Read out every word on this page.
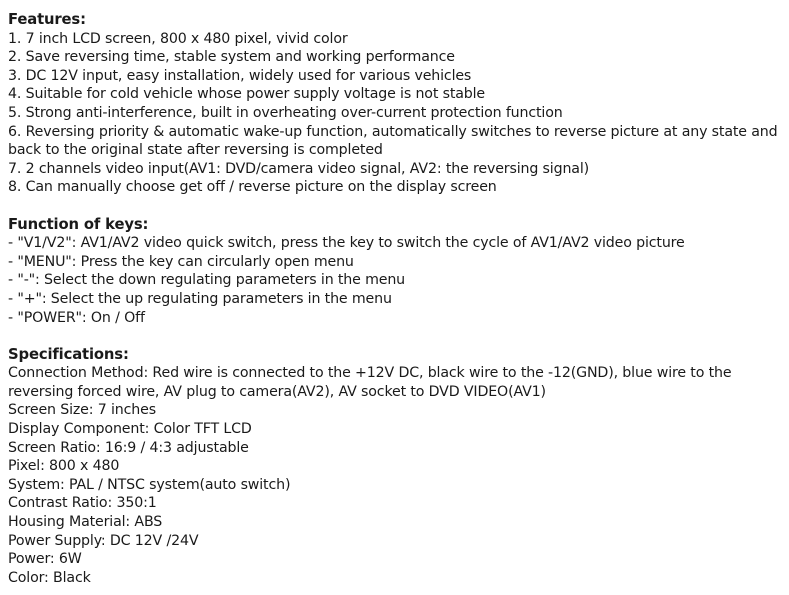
Features:
1. 7 inch LCD screen, 800 x 480 pixel, vivid color
2. Save reversing time, stable system and working performance
3. DC 12V input, easy installation, widely used for various vehicles
4. Suitable for cold vehicle whose power supply voltage is not stable
5. Strong anti-interference, built in overheating over-current protection function
6. Reversing priority & automatic wake-up function, automatically switches to reverse picture at any state and back to the original state after reversing is completed
7. 2 channels video input(AV1: DVD/camera video signal, AV2: the reversing signal)
8. Can manually choose get off / reverse picture on the display screen
Function of keys:
- "V1/V2": AV1/AV2 video quick switch, press the key to switch the cycle of AV1/AV2 video picture
- "MENU": Press the key can circularly open menu
- "-": Select the down regulating parameters in the menu
- "+": Select the up regulating parameters in the menu
- "POWER": On / Off
Specifications:
Connection Method: Red wire is connected to the +12V DC, black wire to the -12(GND), blue wire to the reversing forced wire, AV plug to camera(AV2), AV socket to DVD VIDEO(AV1)
Screen Size: 7 inches
Display Component: Color TFT LCD
Screen Ratio: 16:9 / 4:3 adjustable
Pixel: 800 x 480
System: PAL / NTSC system(auto switch)
Contrast Ratio: 350:1
Housing Material: ABS
Power Supply: DC 12V /24V
Power: 6W
Color: Black
